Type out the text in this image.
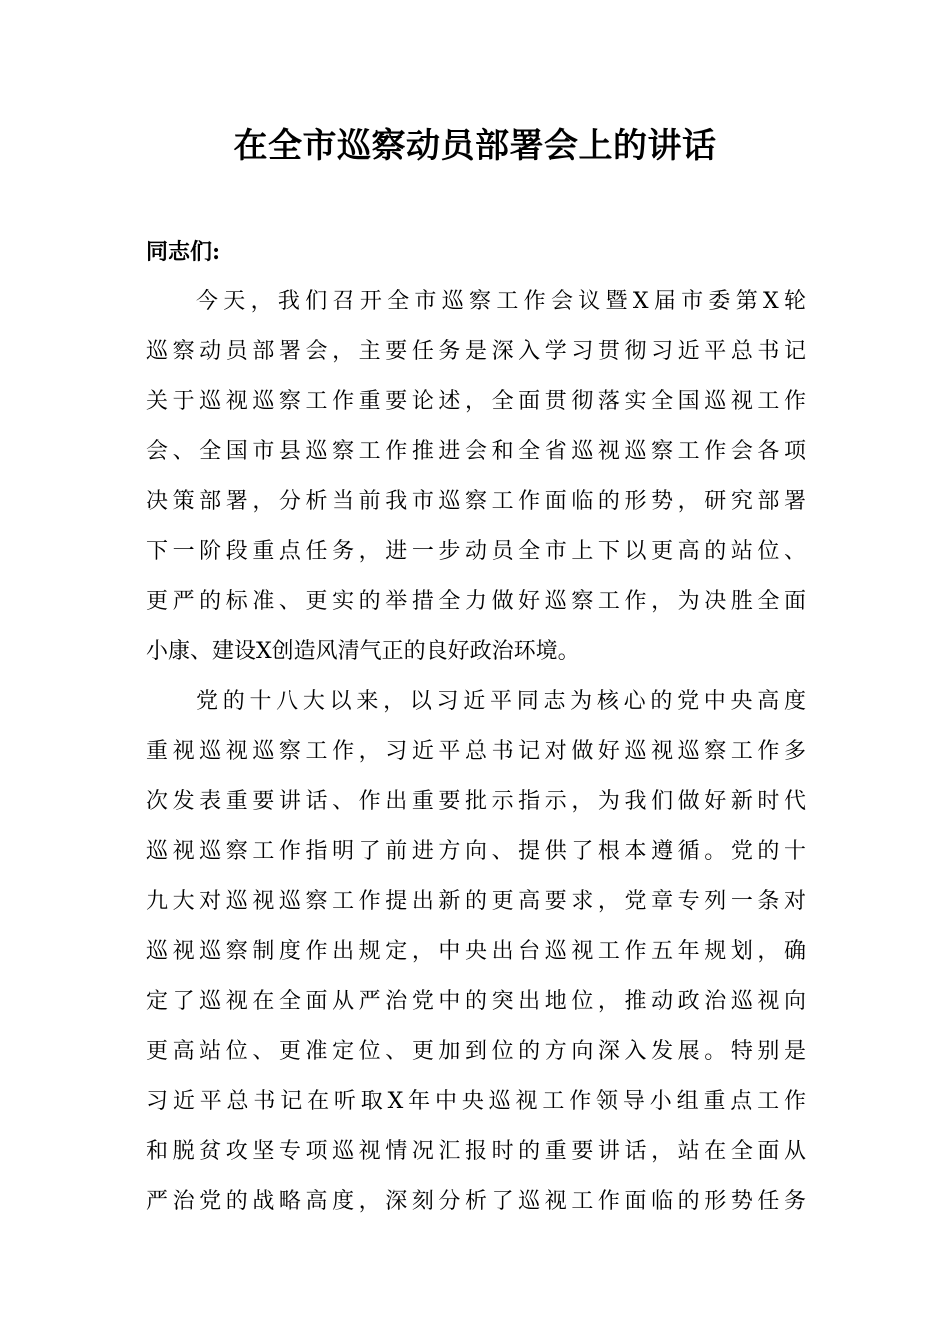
在全市巡察动员部署会上的讲话

同志们:

今天，我们召开全市巡察工作会议暨X届市委第X轮

巡察动员部署会，主要任务是深入学习贯彻习近平总书记

关于巡视巡察工作重要论述，全面贯彻落实全国巡视工作

会、全国市县巡察工作推进会和全省巡视巡察工作会各项

决策部署，分析当前我市巡察工作面临的形势，研究部署

下一阶段重点任务，进一步动员全市上下以更高的站位、

更严的标准、更实的举措全力做好巡察工作，为决胜全面

小康、建设X创造风清气正的良好政治环境。

党的十八大以来，以习近平同志为核心的党中央高度

重视巡视巡察工作，习近平总书记对做好巡视巡察工作多

次发表重要讲话、作出重要批示指示，为我们做好新时代

巡视巡察工作指明了前进方向、提供了根本遵循。党的十

九大对巡视巡察工作提出新的更高要求，党章专列一条对

巡视巡察制度作出规定，中央出台巡视工作五年规划，确

定了巡视在全面从严治党中的突出地位，推动政治巡视向

更高站位、更准定位、更加到位的方向深入发展。特别是

习近平总书记在听取X年中央巡视工作领导小组重点工作

和脱贫攻坚专项巡视情况汇报时的重要讲话，站在全面从

严治党的战略高度，深刻分析了巡视工作面临的形势任务
